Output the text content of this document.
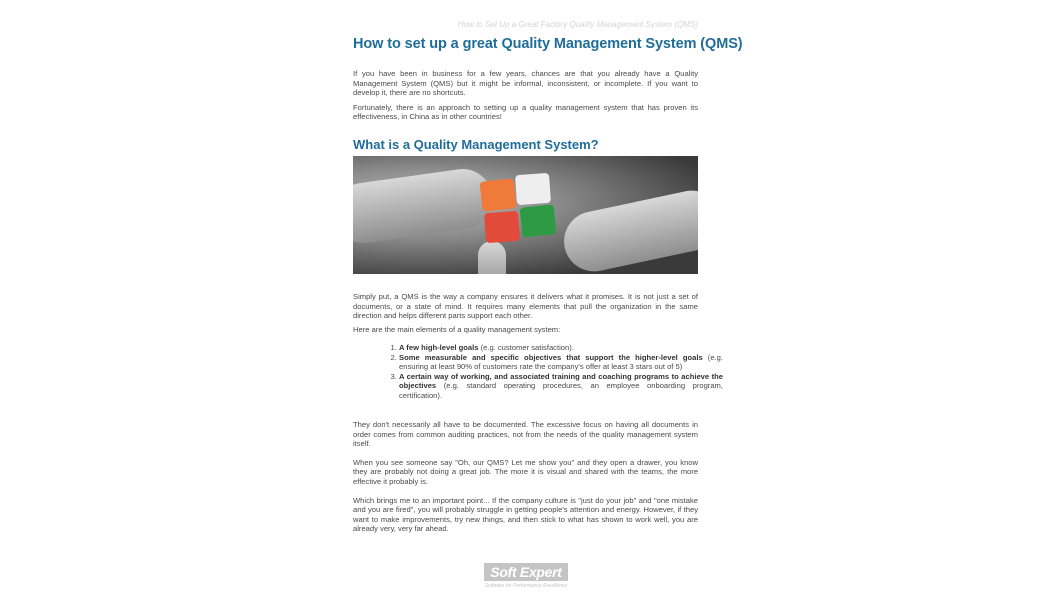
How to Set Up a Great Factory Quality Management System (QMS)
How to set up a great Quality Management System (QMS)

If you have been in business for a few years, chances are that you already have a Quality Management System (QMS) but it might be informal, inconsistent, or incomplete. If you want to develop it, there are no shortcuts.

Fortunately, there is an approach to setting up a quality management system that has proven its effectiveness, in China as in other countries!

What is a Quality Management System?

Simply put, a QMS is the way a company ensures it delivers what it promises. It is not just a set of documents, or a state of mind. It requires many elements that pull the organization in the same direction and helps different parts support each other.

Here are the main elements of a quality management system:

1. A few high-level goals (e.g. customer satisfaction).
2. Some measurable and specific objectives that support the higher-level goals (e.g. ensuring at least 90% of customers rate the company's offer at least 3 stars out of 5)
3. A certain way of working, and associated training and coaching programs to achieve the objectives (e.g. standard operating procedures, an employee onboarding program, certification).

They don't necessarily all have to be documented. The excessive focus on having all documents in order comes from common auditing practices, not from the needs of the quality management system itself.

When you see someone say "Oh, our QMS? Let me show you" and they open a drawer, you know they are probably not doing a great job. The more it is visual and shared with the teams, the more effective it probably is.

Which brings me to an important point... If the company culture is "just do your job" and "one mistake and you are fired", you will probably struggle in getting people's attention and energy. However, if they want to make improvements, try new things, and then stick to what has shown to work well, you are already very, very far ahead.

Soft Expert
Software for Performance Excellence
